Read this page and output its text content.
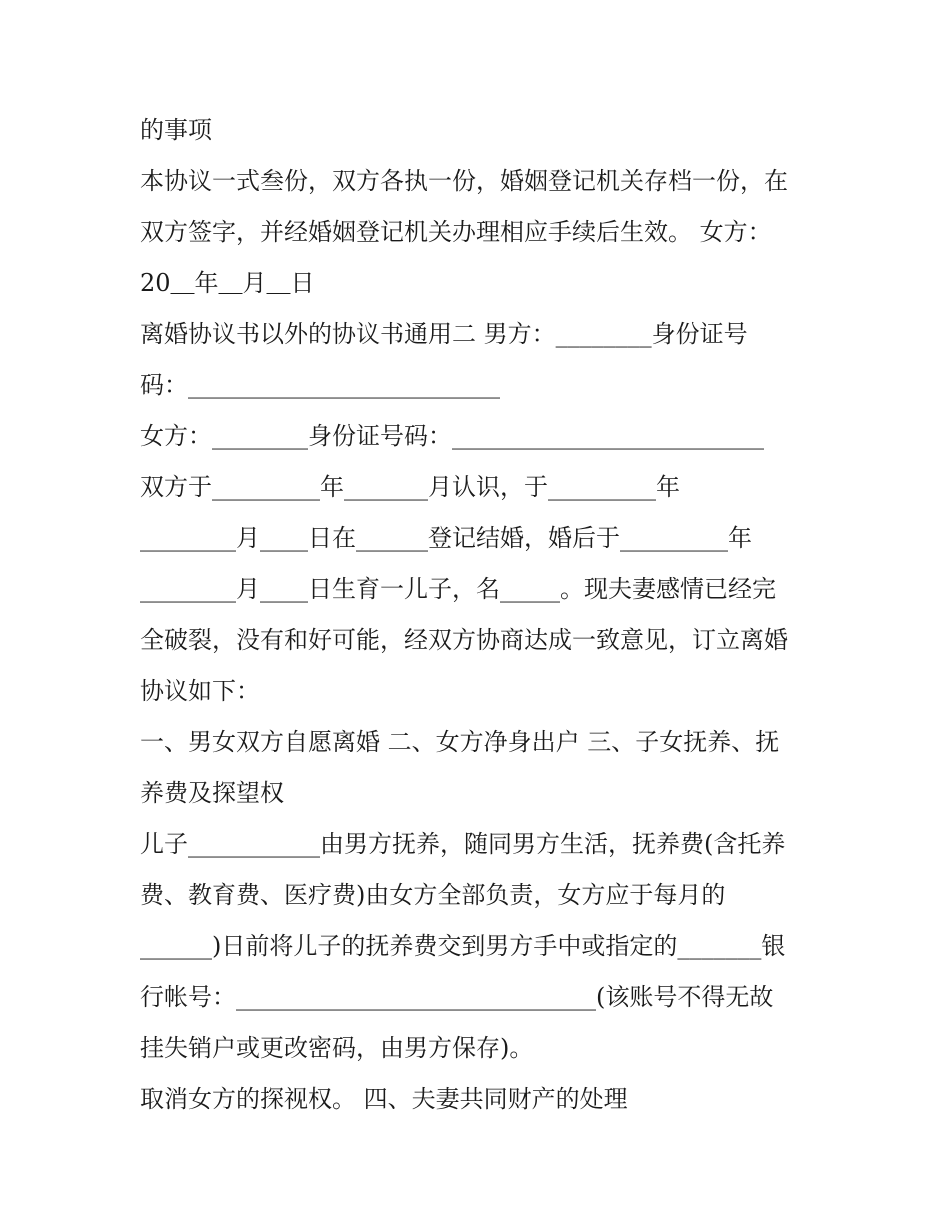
的事项
本协议一式叁份，双方各执一份，婚姻登记机关存档一份，在
双方签字，并经婚姻登记机关办理相应手续后生效。 女方：
20＿年＿月＿日
离婚协议书以外的协议书通用二 男方：________身份证号
码：__________________________
女方：________身份证号码：__________________________
双方于_________年_______月认识，于_________年
________月____日在______登记结婚，婚后于_________年
________月____日生育一儿子，名_____。现夫妻感情已经完
全破裂，没有和好可能，经双方协商达成一致意见，订立离婚
协议如下：
一、男女双方自愿离婚 二、女方净身出户 三、子女抚养、抚
养费及探望权
儿子___________由男方抚养，随同男方生活，抚养费(含托养
费、教育费、医疗费)由女方全部负责，女方应于每月的
______)日前将儿子的抚养费交到男方手中或指定的_______银
行帐号：______________________________(该账号不得无故
挂失销户或更改密码，由男方保存)。
取消女方的探视权。 四、夫妻共同财产的处理
